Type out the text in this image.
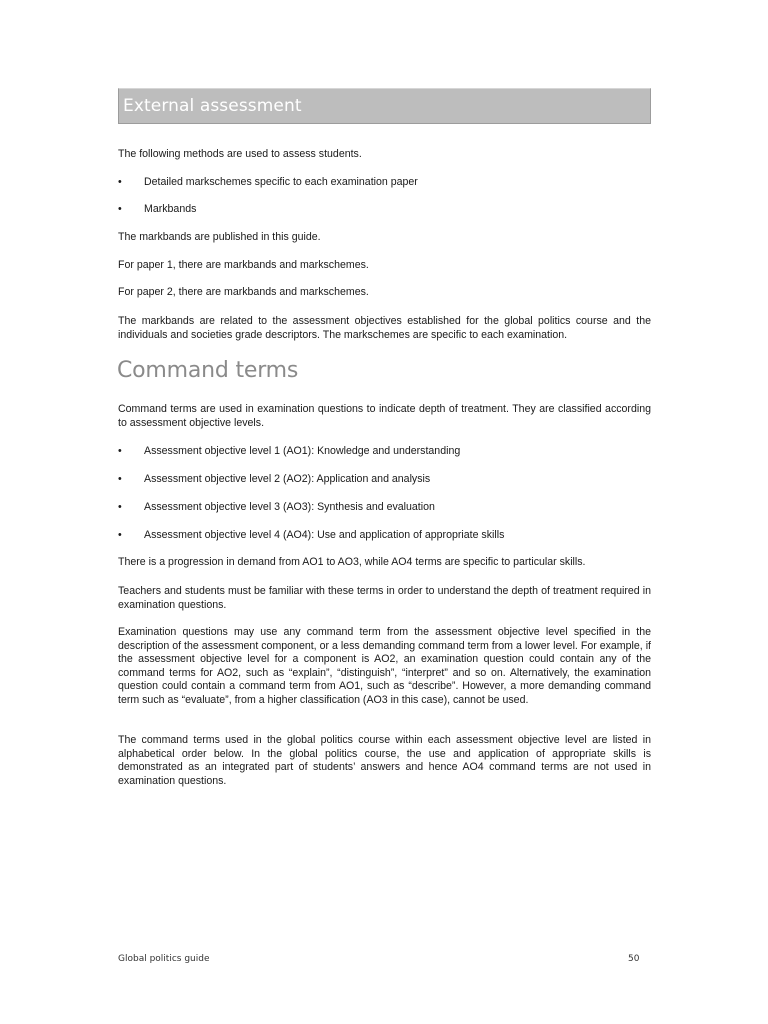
External assessment

The following methods are used to assess students.

• Detailed markschemes specific to each examination paper
• Markbands

The markbands are published in this guide.

For paper 1, there are markbands and markschemes.

For paper 2, there are markbands and markschemes.

The markbands are related to the assessment objectives established for the global politics course and the individuals and societies grade descriptors. The markschemes are specific to each examination.

Command terms

Command terms are used in examination questions to indicate depth of treatment. They are classified according to assessment objective levels.

• Assessment objective level 1 (AO1): Knowledge and understanding
• Assessment objective level 2 (AO2): Application and analysis
• Assessment objective level 3 (AO3): Synthesis and evaluation
• Assessment objective level 4 (AO4): Use and application of appropriate skills

There is a progression in demand from AO1 to AO3, while AO4 terms are specific to particular skills.

Teachers and students must be familiar with these terms in order to understand the depth of treatment required in examination questions.

Examination questions may use any command term from the assessment objective level specified in the description of the assessment component, or a less demanding command term from a lower level. For example, if the assessment objective level for a component is AO2, an examination question could contain any of the command terms for AO2, such as “explain”, “distinguish”, “interpret” and so on. Alternatively, the examination question could contain a command term from AO1, such as “describe”. However, a more demanding command term such as “evaluate”, from a higher classification (AO3 in this case), cannot be used.

The command terms used in the global politics course within each assessment objective level are listed in alphabetical order below. In the global politics course, the use and application of appropriate skills is demonstrated as an integrated part of students’ answers and hence AO4 command terms are not used in examination questions.

Global politics guide	50
